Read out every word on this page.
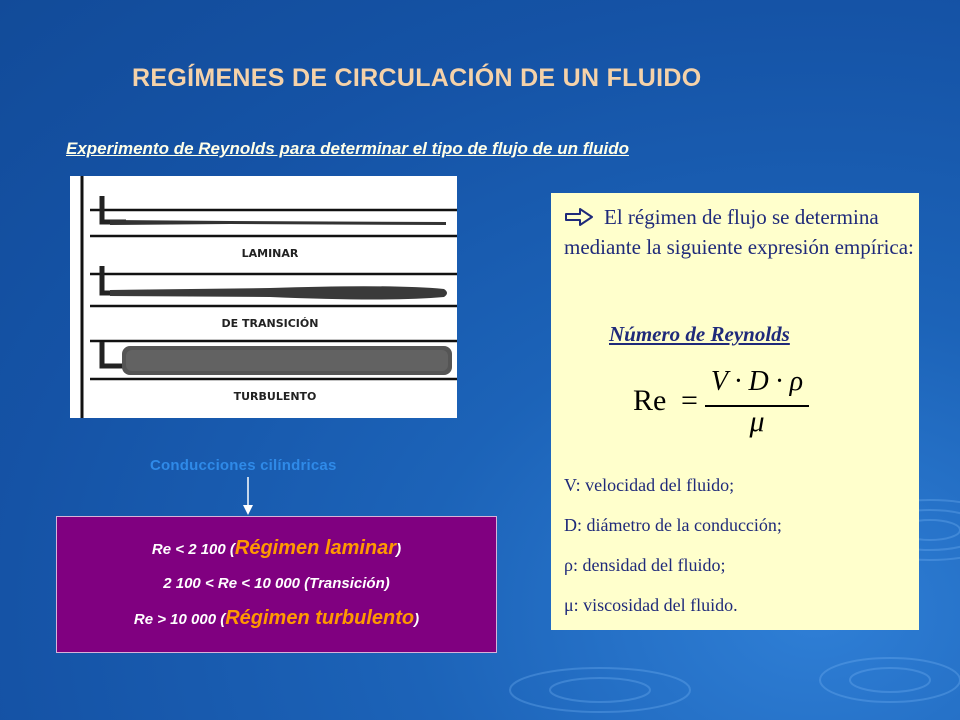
REGÍMENES DE CIRCULACIÓN DE UN FLUIDO

Experimento de Reynolds para determinar el tipo de flujo de un fluido

LAMINAR
DE TRANSICIÓN
TURBULENTO

Conducciones cilíndricas

Re < 2 100 (Régimen laminar)
2 100 < Re < 10 000 (Transición)
Re > 10 000 (Régimen turbulento)

El régimen de flujo se determina mediante la siguiente expresión empírica:

Número de Reynolds

Re =
V · D · ρ
μ

V: velocidad del fluido;

D: diámetro de la conducción;

ρ: densidad del fluido;

μ: viscosidad del fluido.
